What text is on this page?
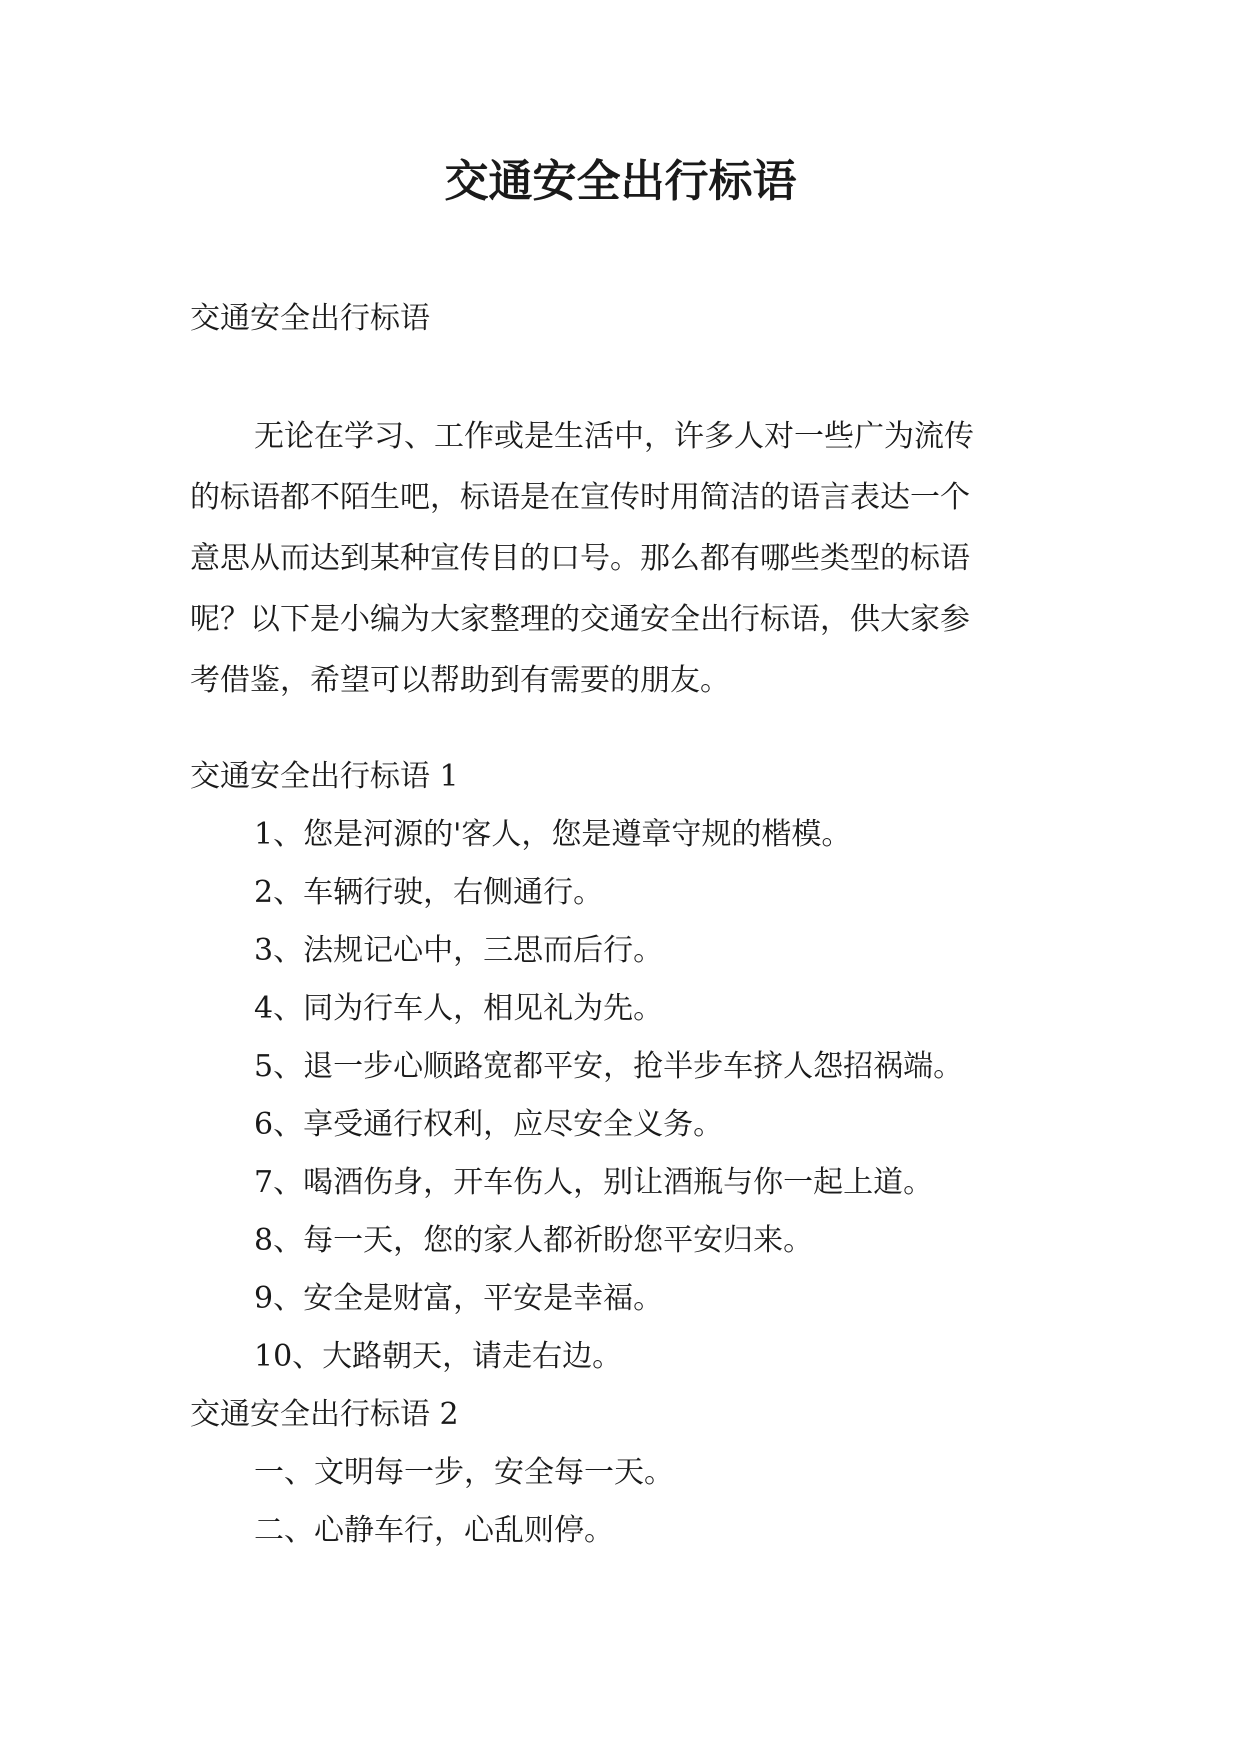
交通安全出行标语

交通安全出行标语

无论在学习、工作或是生活中，许多人对一些广为流传
的标语都不陌生吧，标语是在宣传时用简洁的语言表达一个
意思从而达到某种宣传目的口号。那么都有哪些类型的标语
呢？以下是小编为大家整理的交通安全出行标语，供大家参
考借鉴，希望可以帮助到有需要的朋友。

交通安全出行标语 1

1、您是河源的'客人，您是遵章守规的楷模。

2、车辆行驶，右侧通行。

3、法规记心中，三思而后行。

4、同为行车人，相见礼为先。

5、退一步心顺路宽都平安，抢半步车挤人怨招祸端。

6、享受通行权利，应尽安全义务。

7、喝酒伤身，开车伤人，别让酒瓶与你一起上道。

8、每一天，您的家人都祈盼您平安归来。

9、安全是财富，平安是幸福。

10、大路朝天，请走右边。

交通安全出行标语 2

一、文明每一步，安全每一天。

二、心静车行，心乱则停。
